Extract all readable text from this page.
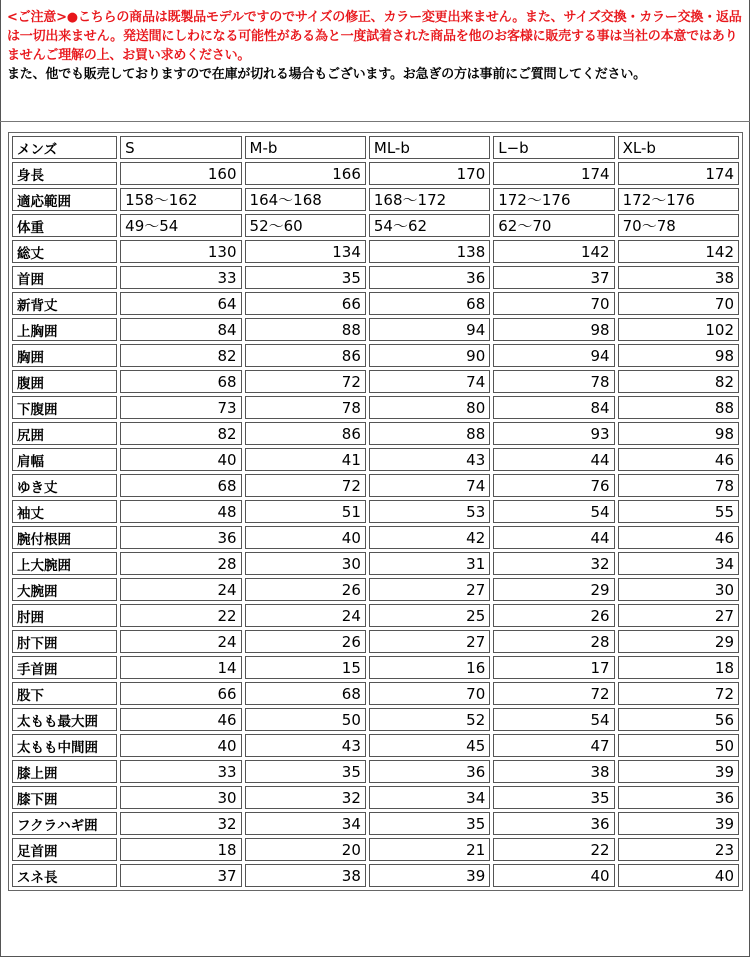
<ご注意>●こちらの商品は既製品モデルですのでサイズの修正、カラー変更出来ません。また、サイズ交換・カラー交換・返品は一切出来ません。発送間にしわになる可能性がある為と一度試着された商品を他のお客様に販売する事は当社の本意ではありませんご理解の上、お買い求めください。
また、他でも販売しておりますので在庫が切れる場合もございます。お急ぎの方は事前にご質問してください。
メンズ	S	M-b	ML-b	L−b	XL-b
身長	160	166	170	174	174
適応範囲	158〜162	164〜168	168〜172	172〜176	172〜176
体重	49〜54	52〜60	54〜62	62〜70	70〜78
総丈	130	134	138	142	142
首囲	33	35	36	37	38
新背丈	64	66	68	70	70
上胸囲	84	88	94	98	102
胸囲	82	86	90	94	98
腹囲	68	72	74	78	82
下腹囲	73	78	80	84	88
尻囲	82	86	88	93	98
肩幅	40	41	43	44	46
ゆき丈	68	72	74	76	78
袖丈	48	51	53	54	55
腕付根囲	36	40	42	44	46
上大腕囲	28	30	31	32	34
大腕囲	24	26	27	29	30
肘囲	22	24	25	26	27
肘下囲	24	26	27	28	29
手首囲	14	15	16	17	18
股下	66	68	70	72	72
太もも最大囲	46	50	52	54	56
太もも中間囲	40	43	45	47	50
膝上囲	33	35	36	38	39
膝下囲	30	32	34	35	36
フクラハギ囲	32	34	35	36	39
足首囲	18	20	21	22	23
スネ長	37	38	39	40	40
